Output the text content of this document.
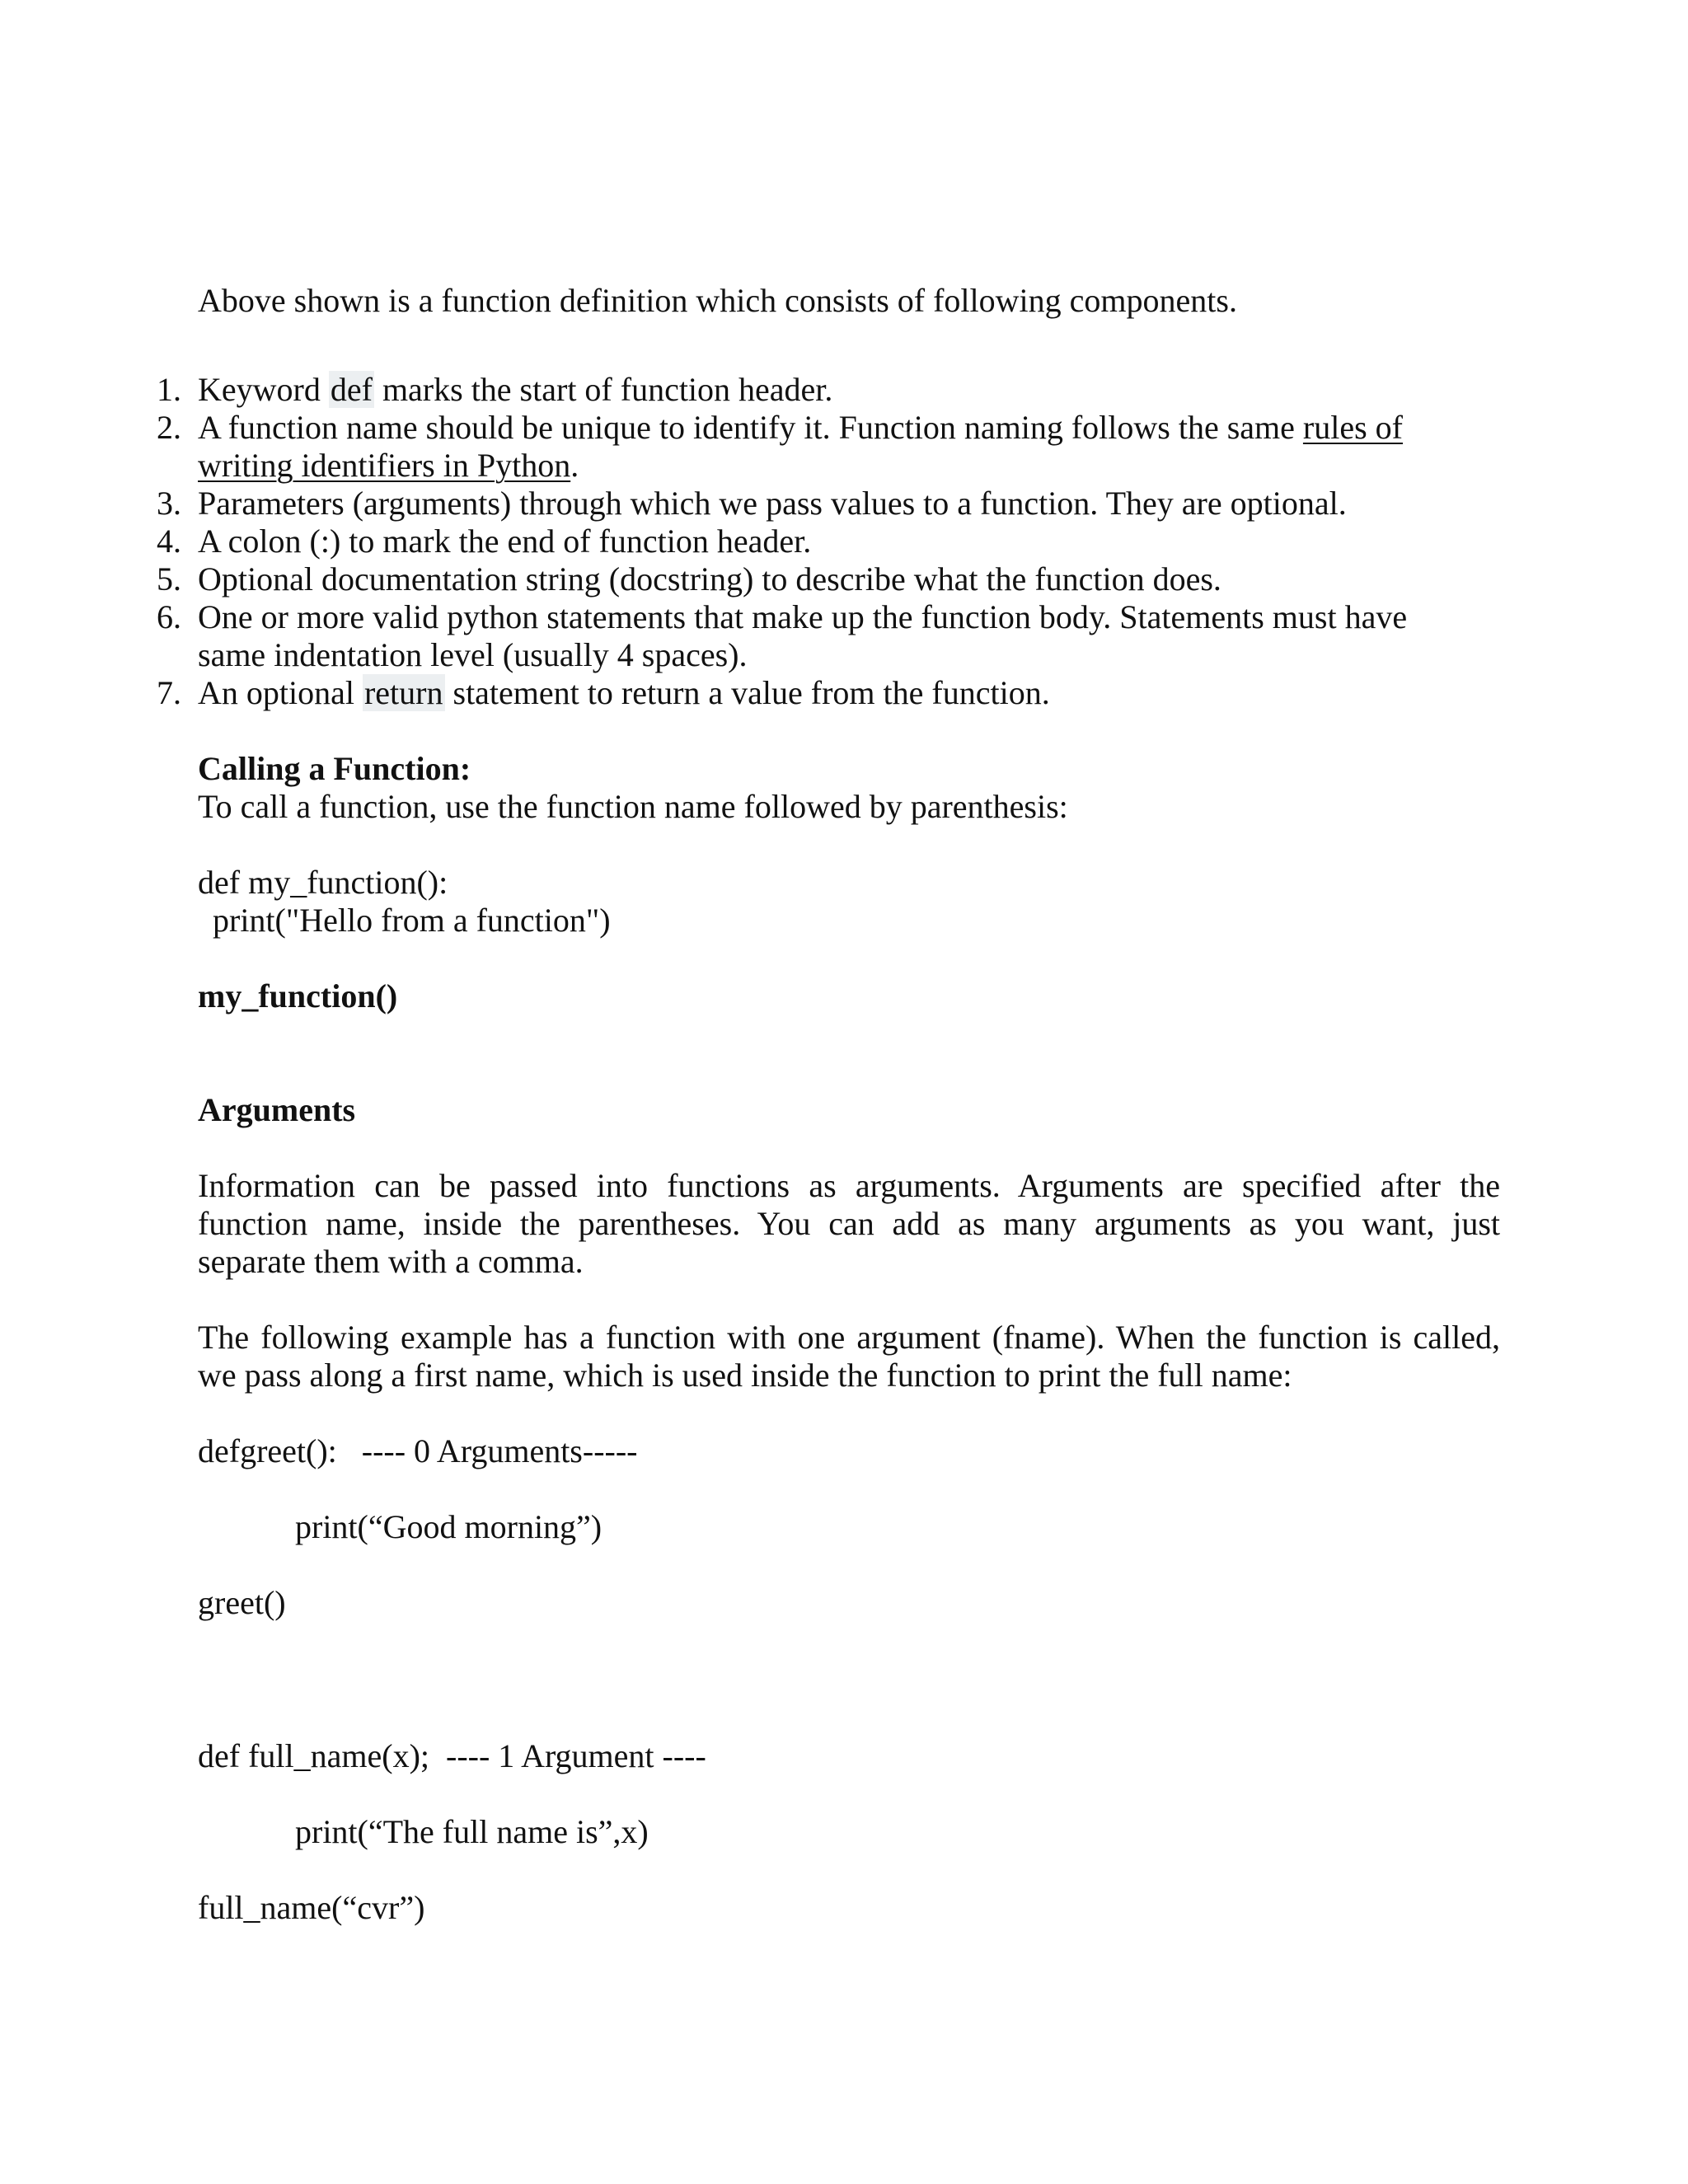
Above shown is a function definition which consists of following components.
1. Keyword def marks the start of function header.
2. A function name should be unique to identify it. Function naming follows the same rules of
writing identifiers in Python.
3. Parameters (arguments) through which we pass values to a function. They are optional.
4. A colon (:) to mark the end of function header.
5. Optional documentation string (docstring) to describe what the function does.
6. One or more valid python statements that make up the function body. Statements must have
same indentation level (usually 4 spaces).
7. An optional return statement to return a value from the function.
Calling a Function:
To call a function, use the function name followed by parenthesis:
def my_function():
print("Hello from a function")
my_function()
Arguments
Information can be passed into functions as arguments. Arguments are specified after the
function name, inside the parentheses. You can add as many arguments as you want, just
separate them with a comma.
The following example has a function with one argument (fname). When the function is called,
we pass along a first name, which is used inside the function to print the full name:
defgreet():   ---- 0 Arguments-----
print(“Good morning”)
greet()
def full_name(x);  ---- 1 Argument ----
print(“The full name is”,x)
full_name(“cvr”)
